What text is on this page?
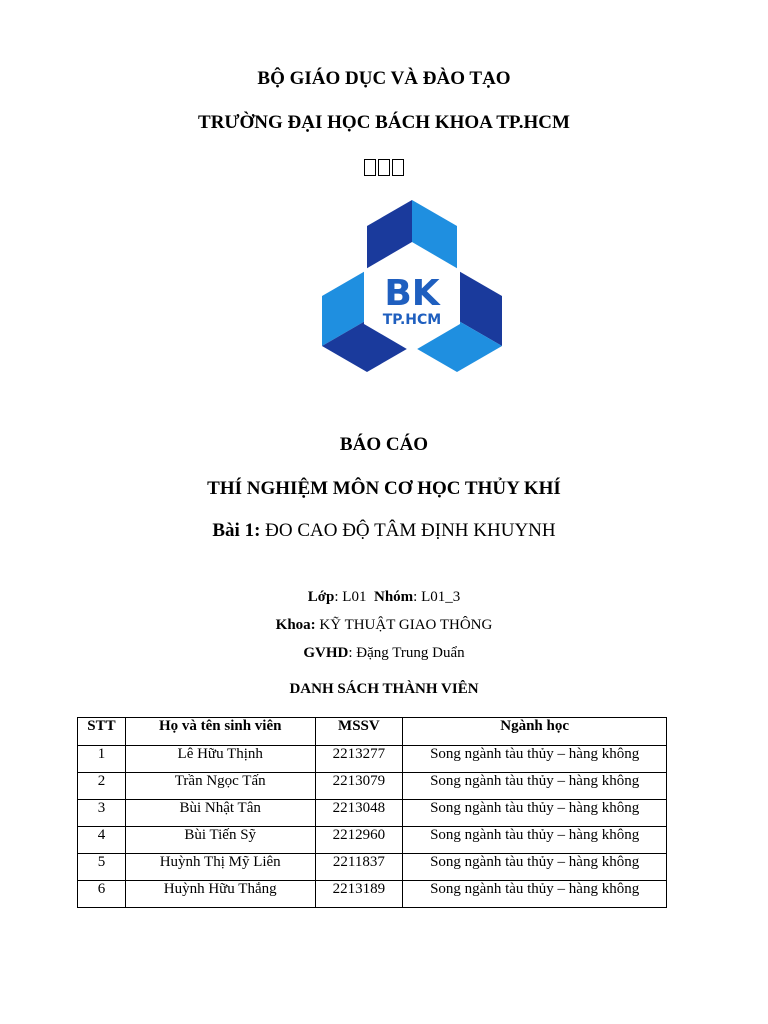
BỘ GIÁO DỤC VÀ ĐÀO TẠO
TRƯỜNG ĐẠI HỌC BÁCH KHOA TP.HCM
BK
TP.HCM
BÁO CÁO
THÍ NGHIỆM MÔN CƠ HỌC THỦY KHÍ
Bài 1: ĐO CAO ĐỘ TÂM ĐỊNH KHUYNH
Lớp: L01  Nhóm: L01_3
Khoa: KỸ THUẬT GIAO THÔNG
GVHD: Đặng Trung Duẩn
DANH SÁCH THÀNH VIÊN
STT	Họ và tên sinh viên	MSSV	Ngành học
1	Lê Hữu Thịnh	2213277	Song ngành tàu thủy – hàng không
2	Trần Ngọc Tấn	2213079	Song ngành tàu thủy – hàng không
3	Bùi Nhật Tân	2213048	Song ngành tàu thủy – hàng không
4	Bùi Tiến Sỹ	2212960	Song ngành tàu thủy – hàng không
5	Huỳnh Thị Mỹ Liên	2211837	Song ngành tàu thủy – hàng không
6	Huỳnh Hữu Thắng	2213189	Song ngành tàu thủy – hàng không
